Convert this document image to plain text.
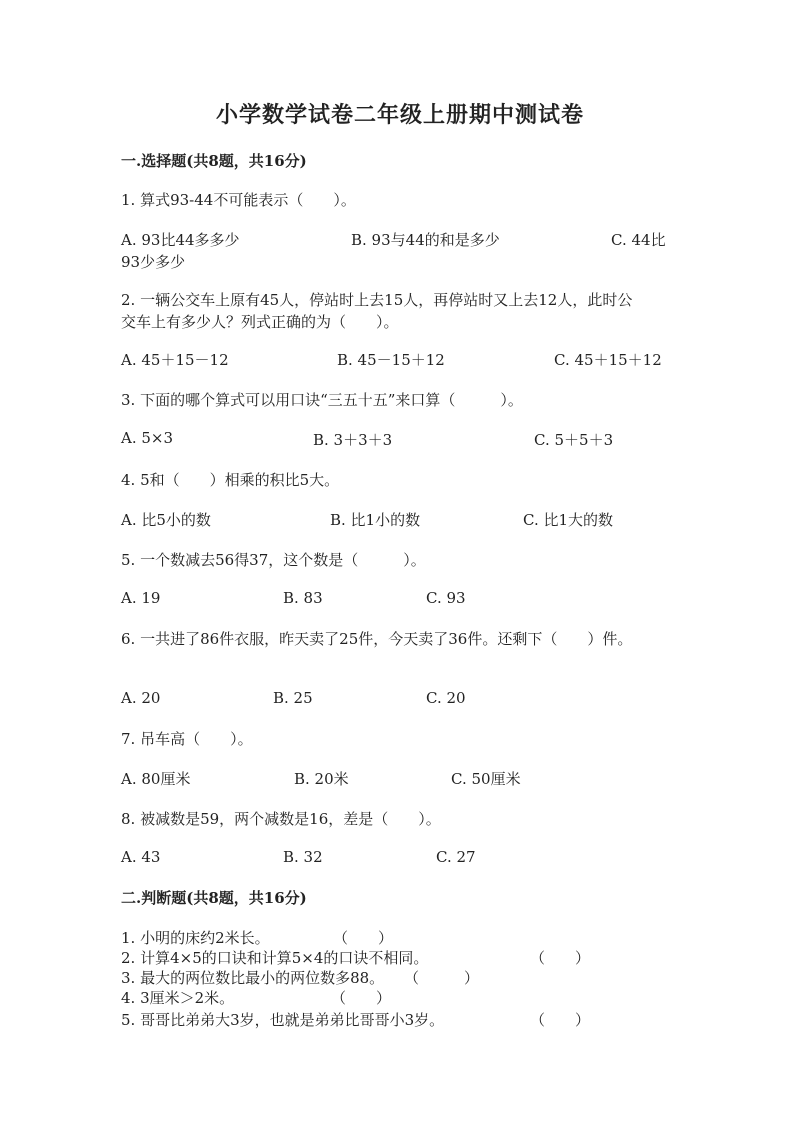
小学数学试卷二年级上册期中测试卷
一.选择题(共8题，共16分)
1. 算式93-44不可能表示（　　）。
A. 93比44多多少	B. 93与44的和是多少	C. 44比
93少多少
2. 一辆公交车上原有45人，停站时上去15人，再停站时又上去12人，此时公
交车上有多少人？列式正确的为（　　）。
A. 45＋15－12	B. 45－15＋12	C. 45＋15＋12
3. 下面的哪个算式可以用口诀“三五十五”来口算（　　　）。
A. 5×3	B. 3＋3＋3	C. 5＋5＋3
4. 5和（　　）相乘的积比5大。
A. 比5小的数	B. 比1小的数	C. 比1大的数
5. 一个数减去56得37，这个数是（　　　）。
A. 19	B. 83	C. 93
6. 一共进了86件衣服，昨天卖了25件，今天卖了36件。还剩下（　　）件。
A. 20	B. 25	C. 20
7. 吊车高（　　）。
A. 80厘米	B. 20米	C. 50厘米
8. 被减数是59，两个减数是16，差是（　　）。
A. 43	B. 32	C. 27
二.判断题(共8题，共16分)
1. 小明的床约2米长。	（　　）
2. 计算4×5的口诀和计算5×4的口诀不相同。	（　　）
3. 最大的两位数比最小的两位数多88。 （　　　）
4. 3厘米＞2米。	（　　）
5. 哥哥比弟弟大3岁，也就是弟弟比哥哥小3岁。	（　　）
